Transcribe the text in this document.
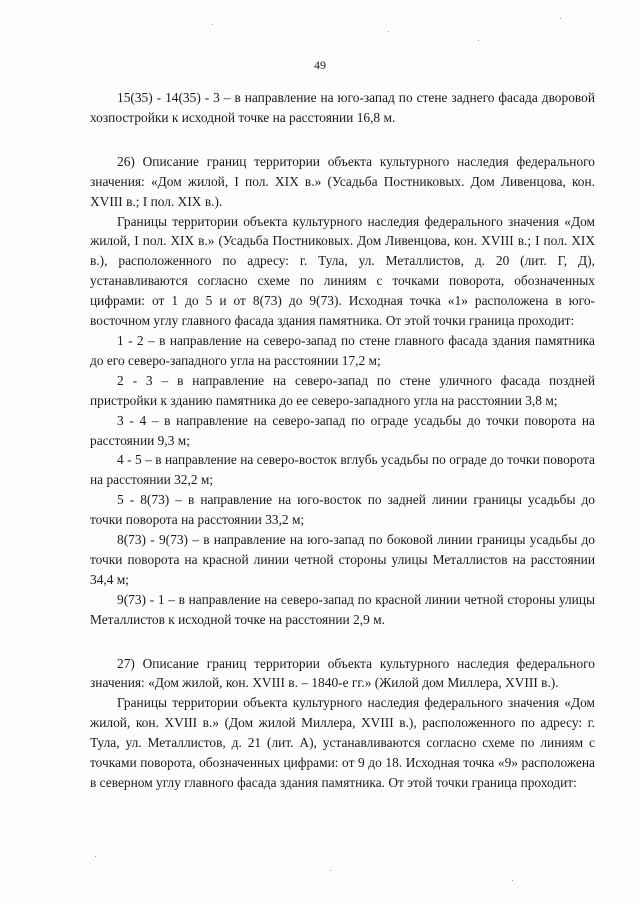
49

15(35) - 14(35) - 3 – в направление на юго-запад по стене заднего фасада дворовой хозпостройки к исходной точке на расстоянии 16,8 м.

26) Описание границ территории объекта культурного наследия федерального значения: «Дом жилой, I пол. XIX в.» (Усадьба Постниковых. Дом Ливенцова, кон. XVIII в.; I пол. XIX в.).

Границы территории объекта культурного наследия федерального значения «Дом жилой, I пол. XIX в.» (Усадьба Постниковых. Дом Ливенцова, кон. XVIII в.; I пол. XIX в.), расположенного по адресу: г. Тула, ул. Металлистов, д. 20 (лит. Г, Д), устанавливаются согласно схеме по линиям с точками поворота, обозначенных цифрами: от 1 до 5 и от 8(73) до 9(73). Исходная точка «1» расположена в юго-восточном углу главного фасада здания памятника. От этой точки граница проходит:

1 - 2 – в направление на северо-запад по стене главного фасада здания памятника до его северо-западного угла на расстоянии 17,2 м;

2 - 3 – в направление на северо-запад по стене уличного фасада поздней пристройки к зданию памятника до ее северо-западного угла на расстоянии 3,8 м;

3 - 4 – в направление на северо-запад по ограде усадьбы до точки поворота на расстоянии 9,3 м;

4 - 5 – в направление на северо-восток вглубь усадьбы по ограде до точки поворота на расстоянии 32,2 м;

5 - 8(73) – в направление на юго-восток по задней линии границы усадьбы до точки поворота на расстоянии 33,2 м;

8(73) - 9(73) – в направление на юго-запад по боковой линии границы усадьбы до точки поворота на красной линии четной стороны улицы Металлистов на расстоянии 34,4 м;

9(73) - 1 – в направление на северо-запад по красной линии четной стороны улицы Металлистов к исходной точке на расстоянии 2,9 м.

27) Описание границ территории объекта культурного наследия федерального значения: «Дом жилой, кон. XVIII в. – 1840-е гг.» (Жилой дом Миллера, XVIII в.).

Границы территории объекта культурного наследия федерального значения «Дом жилой, кон. XVIII в.» (Дом жилой Миллера, XVIII в.), расположенного по адресу: г. Тула, ул. Металлистов, д. 21 (лит. А), устанавливаются согласно схеме по линиям с точками поворота, обозначенных цифрами: от 9 до 18. Исходная точка «9» расположена в северном углу главного фасада здания памятника. От этой точки граница проходит:
